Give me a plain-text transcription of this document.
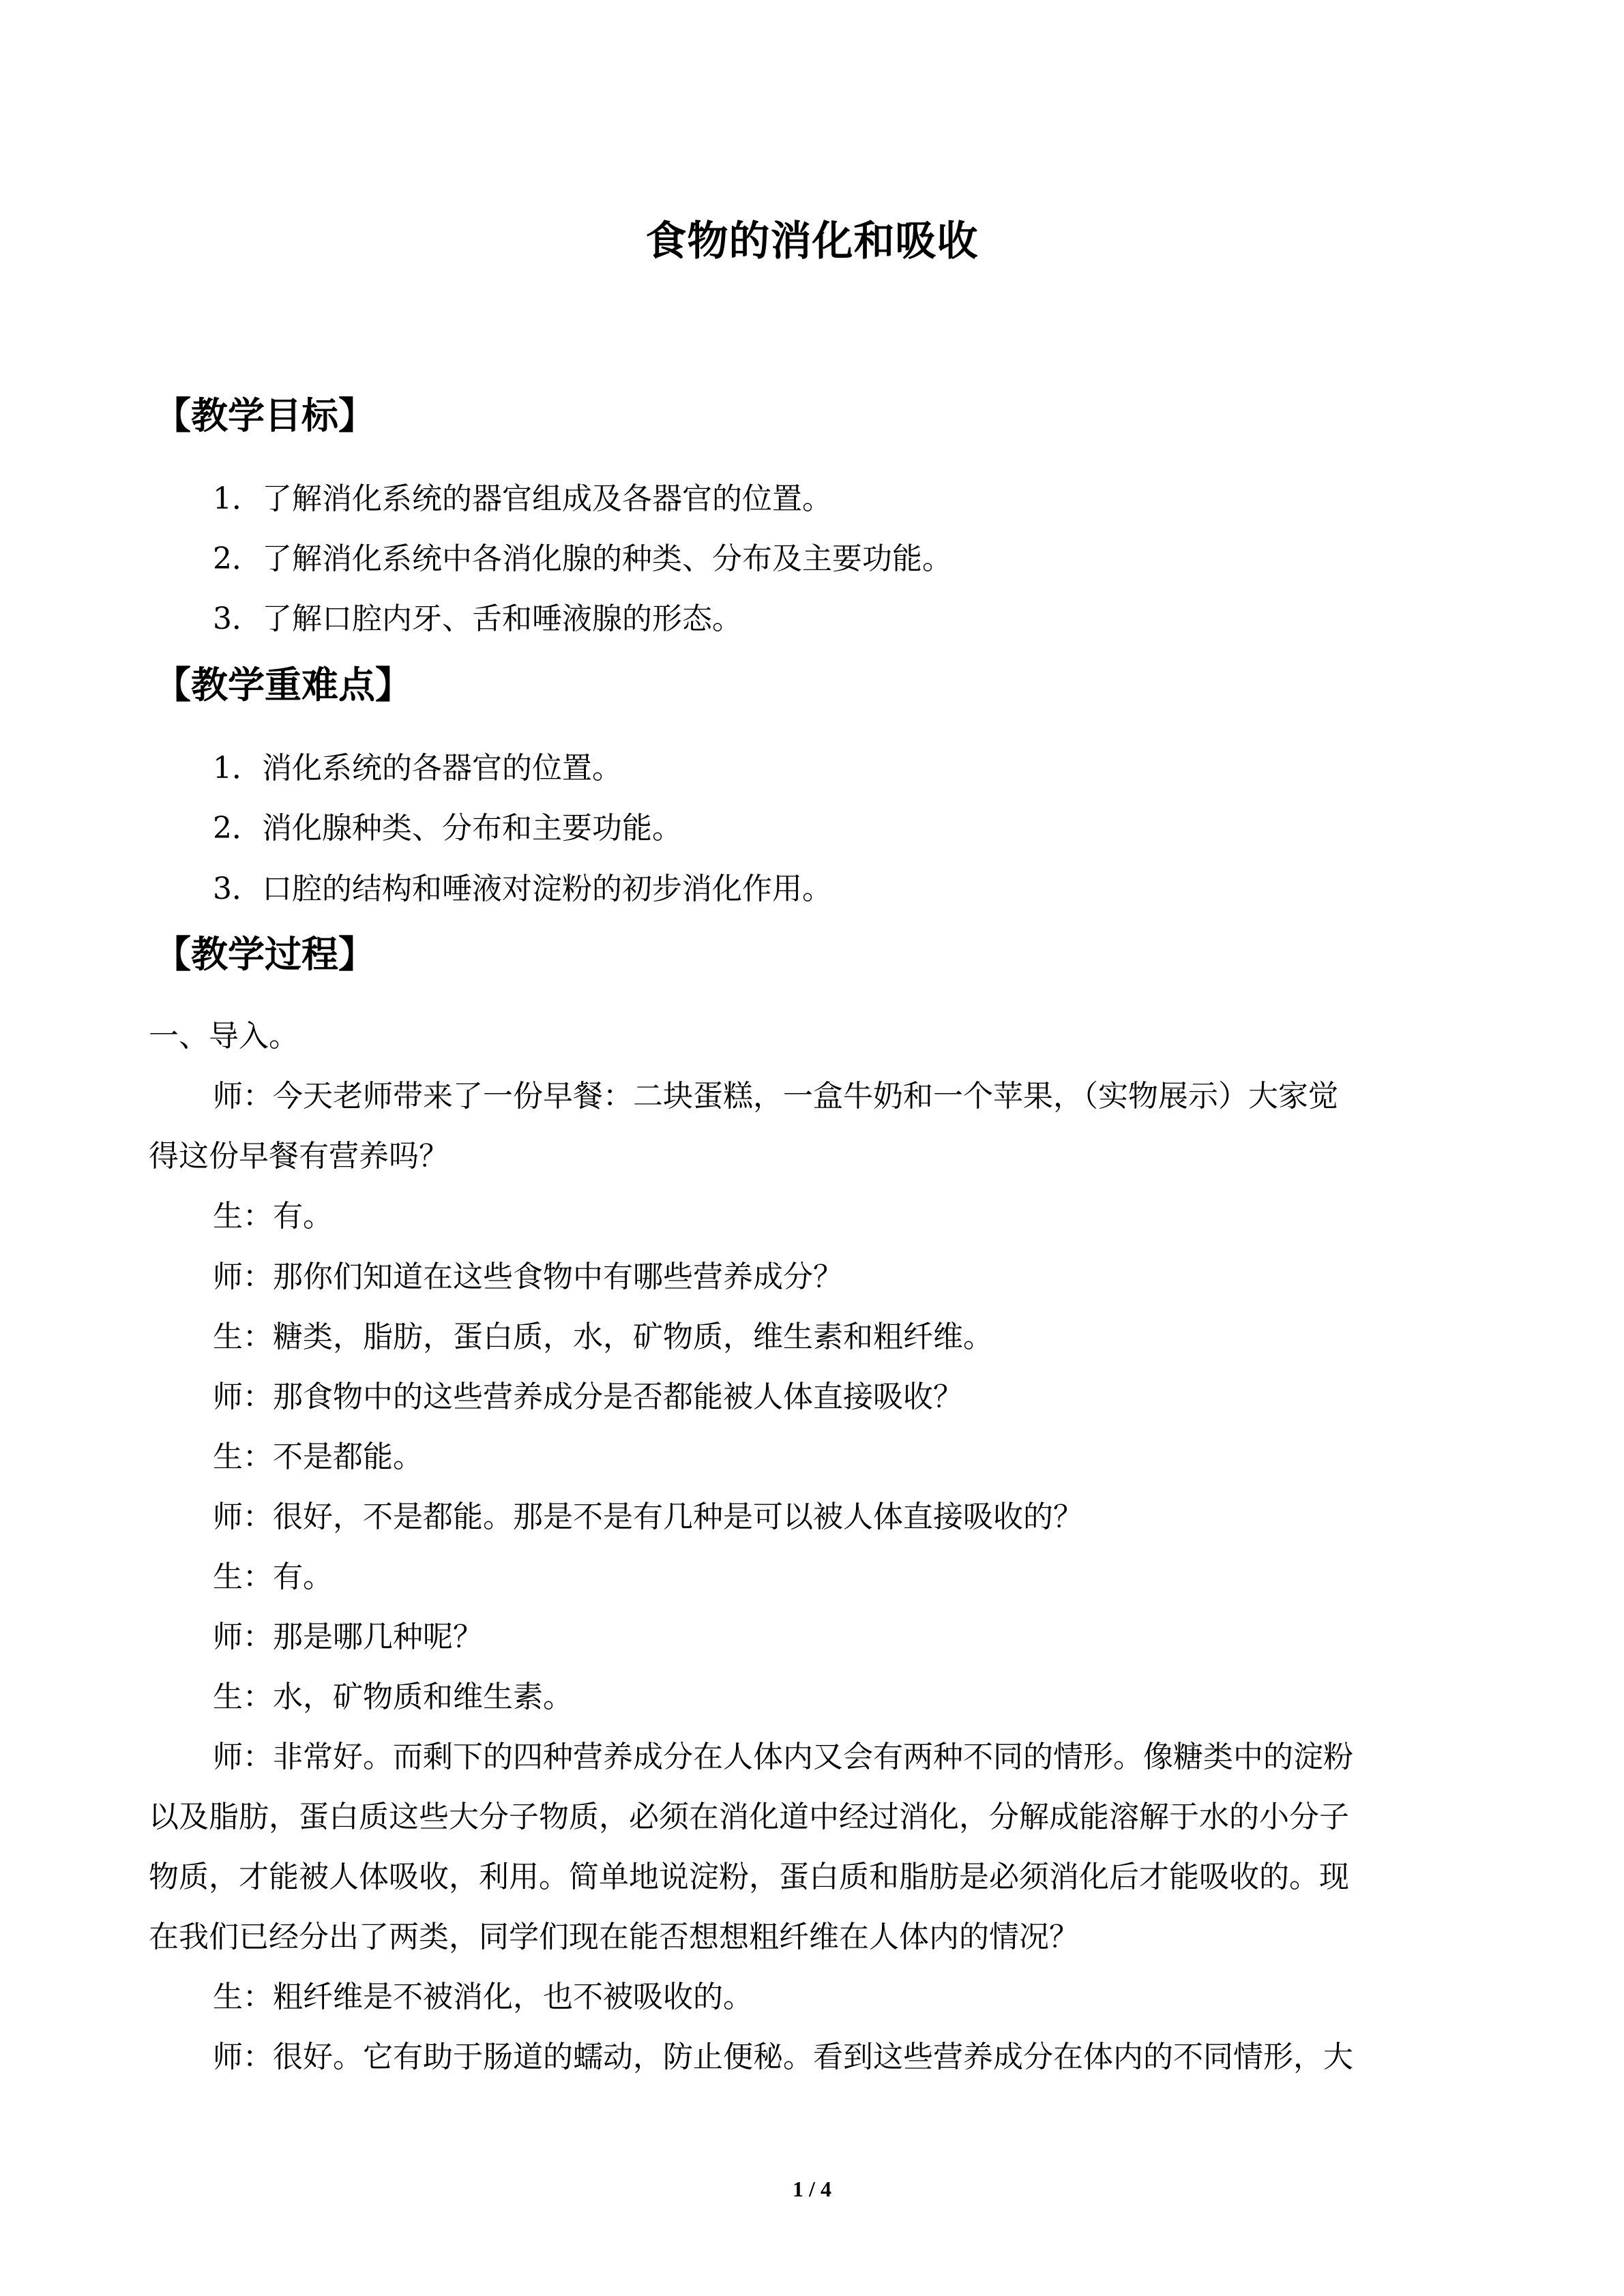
食物的消化和吸收
【教学目标】
1．了解消化系统的器官组成及各器官的位置。
2．了解消化系统中各消化腺的种类、分布及主要功能。
3．了解口腔内牙、舌和唾液腺的形态。
【教学重难点】
1．消化系统的各器官的位置。
2．消化腺种类、分布和主要功能。
3．口腔的结构和唾液对淀粉的初步消化作用。
【教学过程】
一、导入。
师：今天老师带来了一份早餐：二块蛋糕，一盒牛奶和一个苹果，（实物展示）大家觉
得这份早餐有营养吗？
生：有。
师：那你们知道在这些食物中有哪些营养成分？
生：糖类，脂肪，蛋白质，水，矿物质，维生素和粗纤维。
师：那食物中的这些营养成分是否都能被人体直接吸收？
生：不是都能。
师：很好，不是都能。那是不是有几种是可以被人体直接吸收的？
生：有。
师：那是哪几种呢？
生：水，矿物质和维生素。
师：非常好。而剩下的四种营养成分在人体内又会有两种不同的情形。像糖类中的淀粉
以及脂肪，蛋白质这些大分子物质，必须在消化道中经过消化，分解成能溶解于水的小分子
物质，才能被人体吸收，利用。简单地说淀粉，蛋白质和脂肪是必须消化后才能吸收的。现
在我们已经分出了两类，同学们现在能否想想粗纤维在人体内的情况？
生：粗纤维是不被消化，也不被吸收的。
师：很好。它有助于肠道的蠕动，防止便秘。看到这些营养成分在体内的不同情形，大
1 / 4
